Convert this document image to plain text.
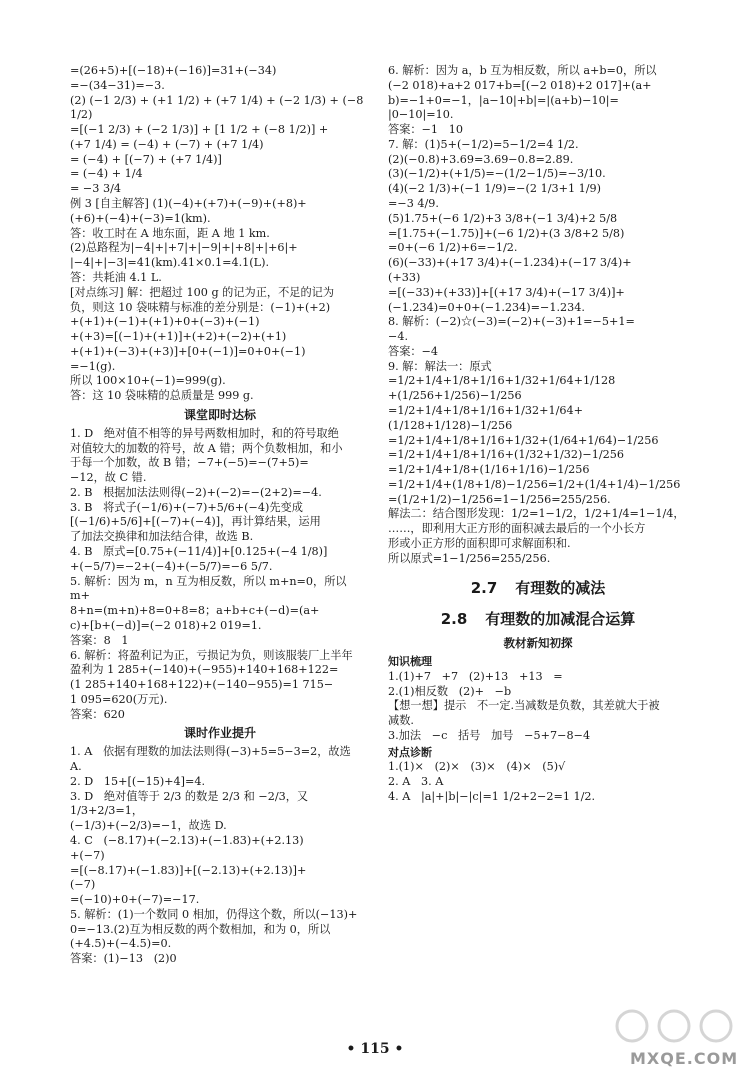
=(26+5)+[(−18)+(−16)]=31+(−34)

=−(34−31)=−3.

(2) (−1 2/3) + (+1 1/2) + (+7 1/4) + (−2 1/3) + (−8 1/2)

=[(−1 2/3) + (−2 1/3)] + [1 1/2 + (−8 1/2)] +

(+7 1/4) = (−4) + (−7) + (+7 1/4)

= (−4) + [(−7) + (+7 1/4)]

= (−4) + 1/4

= −3 3/4

例 3 [自主解答] (1)(−4)+(+7)+(−9)+(+8)+

(+6)+(−4)+(−3)=1(km).

答：收工时在 A 地东面，距 A 地 1 km.

(2)总路程为|−4|+|+7|+|−9|+|+8|+|+6|+

|−4|+|−3|=41(km).41×0.1=4.1(L).

答：共耗油 4.1 L.

[对点练习] 解：把超过 100 g 的记为正，不足的记为

负，则这 10 袋味精与标准的差分别是：(−1)+(+2)

+(+1)+(−1)+(+1)+0+(−3)+(−1)

+(+3)=[(−1)+(+1)]+(+2)+(−2)+(+1)

+(+1)+(−3)+(+3)]+[0+(−1)]=0+0+(−1)

=−1(g).

所以 100×10+(−1)=999(g).

答：这 10 袋味精的总质量是 999 g.

课堂即时达标

1. D   绝对值不相等的异号两数相加时，和的符号取绝

对值较大的加数的符号，故 A 错；两个负数相加，和小

于每一个加数，故 B 错；−7+(−5)=−(7+5)=

−12，故 C 错.

2. B   根据加法法则得(−2)+(−2)=−(2+2)=−4.

3. B   将式子(−1/6)+(−7)+5/6+(−4)先变成

[(−1/6)+5/6]+[(−7)+(−4)]，再计算结果，运用

了加法交换律和加法结合律，故选 B.

4. B   原式=[0.75+(−11/4)]+[0.125+(−4 1/8)]

+(−5/7)=−2+(−4)+(−5/7)=−6 5/7.

5. 解析：因为 m，n 互为相反数，所以 m+n=0，所以 m+

8+n=(m+n)+8=0+8=8；a+b+c+(−d)=(a+

c)+[b+(−d)]=(−2 018)+2 019=1.

答案：8   1

6. 解析：将盈利记为正，亏损记为负，则该服装厂上半年

盈利为 1 285+(−140)+(−955)+140+168+122=

(1 285+140+168+122)+(−140−955)=1 715−

1 095=620(万元).

答案：620

课时作业提升

1. A   依据有理数的加法法则得(−3)+5=5−3=2，故选

A.

2. D   15+[(−15)+4]=4.

3. D   绝对值等于 2/3 的数是 2/3 和 −2/3，又 1/3+2/3=1，

(−1/3)+(−2/3)=−1，故选 D.

4. C   (−8.17)+(−2.13)+(−1.83)+(+2.13)

+(−7)

=[(−8.17)+(−1.83)]+[(−2.13)+(+2.13)]+

(−7)

=(−10)+0+(−7)=−17.

5. 解析：(1)一个数同 0 相加，仍得这个数，所以(−13)+

0=−13.(2)互为相反数的两个数相加，和为 0，所以

(+4.5)+(−4.5)=0.

答案：(1)−13   (2)0

6. 解析：因为 a，b 互为相反数，所以 a+b=0，所以

(−2 018)+a+2 017+b=[(−2 018)+2 017]+(a+

b)=−1+0=−1，|a−10|+b|=|(a+b)−10|=

|0−10|=10.

答案：−1   10

7. 解：(1)5+(−1/2)=5−1/2=4 1/2.

(2)(−0.8)+3.69=3.69−0.8=2.89.

(3)(−1/2)+(+1/5)=−(1/2−1/5)=−3/10.

(4)(−2 1/3)+(−1 1/9)=−(2 1/3+1 1/9)

=−3 4/9.

(5)1.75+(−6 1/2)+3 3/8+(−1 3/4)+2 5/8

=[1.75+(−1.75)]+(−6 1/2)+(3 3/8+2 5/8)

=0+(−6 1/2)+6=−1/2.

(6)(−33)+(+17 3/4)+(−1.234)+(−17 3/4)+

(+33)

=[(−33)+(+33)]+[(+17 3/4)+(−17 3/4)]+

(−1.234)=0+0+(−1.234)=−1.234.

8. 解析：(−2)☆(−3)=(−2)+(−3)+1=−5+1=

−4.

答案：−4

9. 解：解法一：原式=1/2+1/4+1/8+1/16+1/32+1/64+1/128

+(1/256+1/256)−1/256

=1/2+1/4+1/8+1/16+1/32+1/64+(1/128+1/128)−1/256

=1/2+1/4+1/8+1/16+1/32+(1/64+1/64)−1/256

=1/2+1/4+1/8+1/16+(1/32+1/32)−1/256

=1/2+1/4+1/8+(1/16+1/16)−1/256

=1/2+1/4+(1/8+1/8)−1/256=1/2+(1/4+1/4)−1/256

=(1/2+1/2)−1/256=1−1/256=255/256.

解法二：结合图形发现：1/2=1−1/2，1/2+1/4=1−1/4，

……，即利用大正方形的面积减去最后的一个小长方

形或小正方形的面积即可求解面积和.

所以原式=1−1/256=255/256.

2.7 有理数的减法
2.8 有理数的加减混合运算
教材新知初探
知识梳理

1.(1)+7   +7   (2)+13   +13   =

2.(1)相反数   (2)+   −b

【想一想】提示   不一定.当减数是负数，其差就大于被

减数.

3.加法   −c   括号   加号   −5+7−8−4

对点诊断

1.(1)×   (2)×   (3)×   (4)×   (5)√

2. A   3. A

4. A   |a|+|b|−|c|=1 1/2+2−2=1 1/2.

• 115 •	MXQE.COM
